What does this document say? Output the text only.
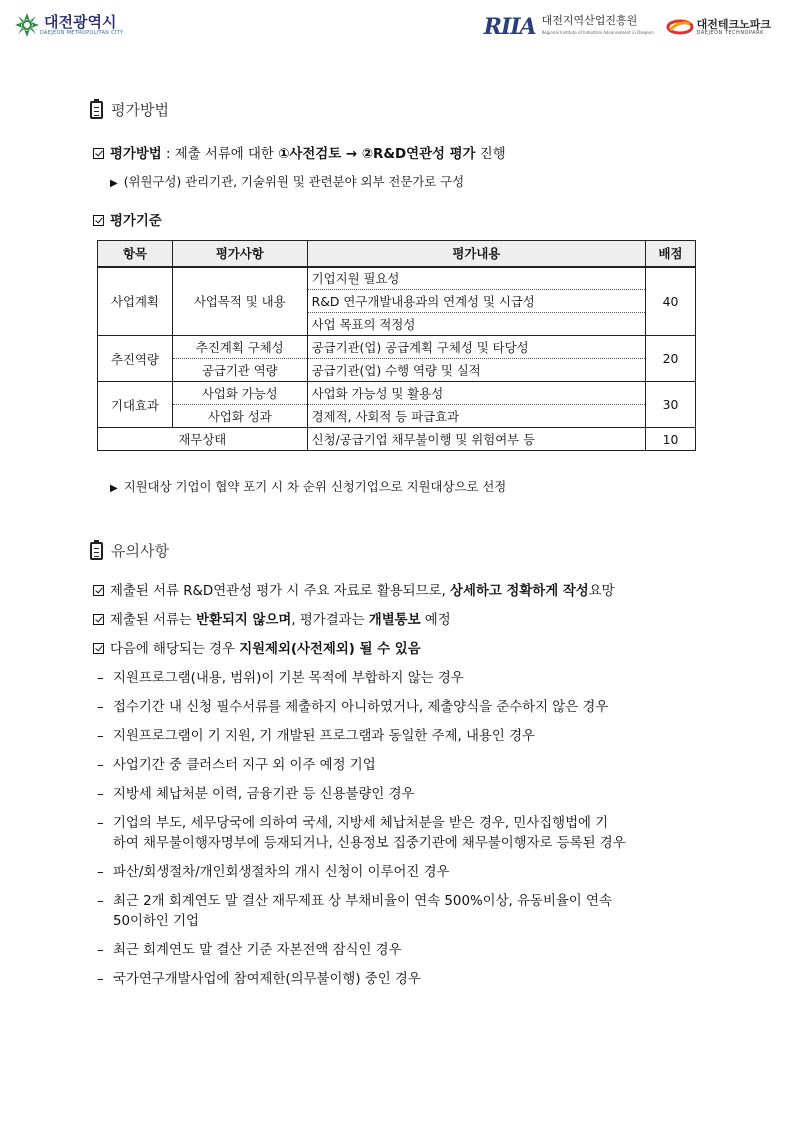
대전광역시
DAEJEON METROPOLITAN CITY	RIIA 대전지역산업진흥원
Regional Institute of Industrial Advancement in Daejeon
대전테크노파크
DAEJEON TECHNOPARK
평가방법
평가방법 : 제출 서류에 대한 ①사전검토 → ②R&D연관성 평가 진행
▶ (위원구성) 관리기관, 기술위원 및 관련분야 외부 전문가로 구성
평가기준
항목	평가사항	평가내용	배점
사업계획	사업목적 및 내용	기업지원 필요성	40
		R&D 연구개발내용과의 연계성 및 시급성	
		사업 목표의 적정성	
추진역량	추진계획 구체성	공급기관(업) 공급계획 구체성 및 타당성	20
	공급기관 역량	공급기관(업) 수행 역량 및 실적	
기대효과	사업화 가능성	사업화 가능성 및 활용성	30
	사업화 성과	경제적, 사회적 등 파급효과	
재무상태		신청/공급기업 채무불이행 및 위험여부 등	10
▶ 지원대상 기업이 협약 포기 시 차 순위 신청기업으로 지원대상으로 선정
유의사항
제출된 서류 R&D연관성 평가 시 주요 자료로 활용되므로, 상세하고 정확하게 작성요망
제출된 서류는 반환되지 않으며, 평가결과는 개별통보 예정
다음에 해당되는 경우 지원제외(사전제외) 될 수 있음
– 지원프로그램(내용, 범위)이 기본 목적에 부합하지 않는 경우
– 접수기간 내 신청 필수서류를 제출하지 아니하였거나, 제출양식을 준수하지 않은 경우
– 지원프로그램이 기 지원, 기 개발된 프로그램과 동일한 주제, 내용인 경우
– 사업기간 중 클러스터 지구 외 이주 예정 기업
– 지방세 체납처분 이력, 금융기관 등 신용불량인 경우
– 기업의 부도, 세무당국에 의하여 국세, 지방세 체납처분을 받은 경우, 민사집행법에 기
하여 채무불이행자명부에 등재되거나, 신용정보 집중기관에 채무불이행자로 등록된 경우
– 파산/회생절차/개인회생절차의 개시 신청이 이루어진 경우
– 최근 2개 회계연도 말 결산 재무제표 상 부채비율이 연속 500%이상, 유동비율이 연속
50이하인 기업
– 최근 회계연도 말 결산 기준 자본전액 잠식인 경우
– 국가연구개발사업에 참여제한(의무불이행) 중인 경우
